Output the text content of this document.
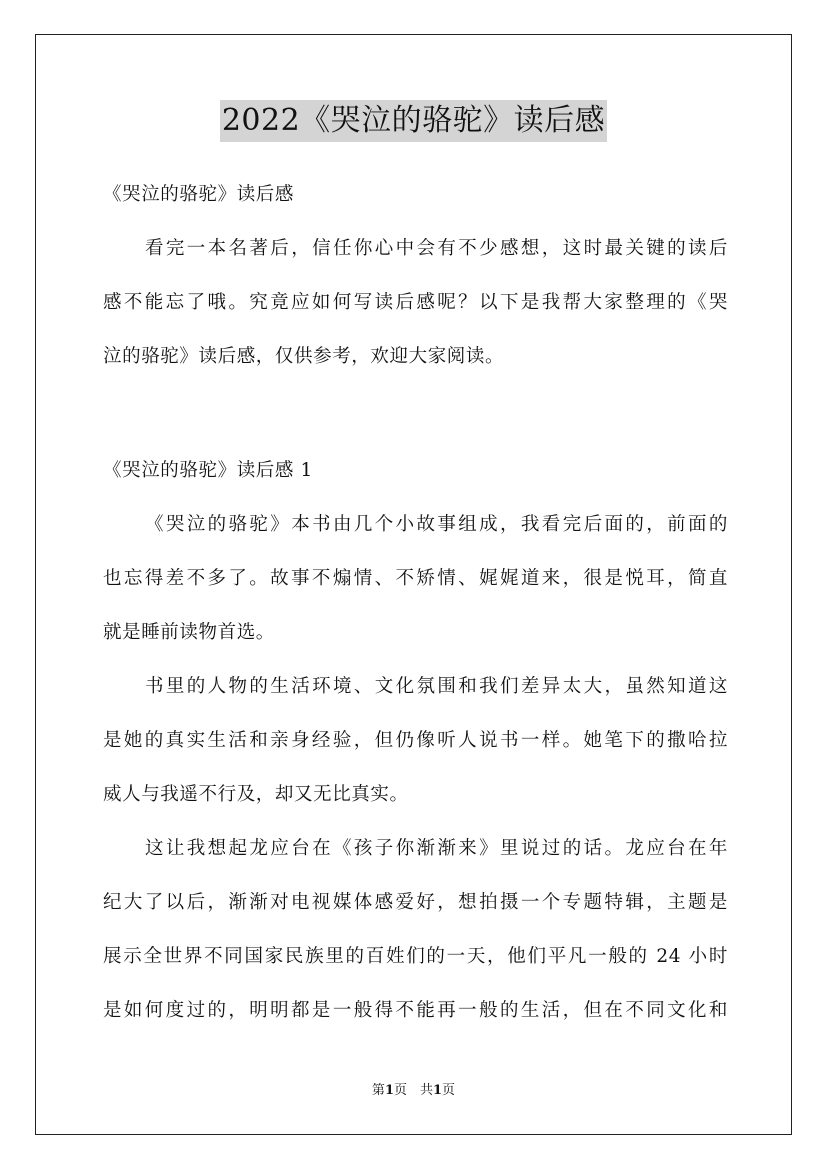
2022《哭泣的骆驼》读后感
《哭泣的骆驼》读后感
看完一本名著后，信任你心中会有不少感想，这时最关键的读后
感不能忘了哦。究竟应如何写读后感呢？以下是我帮大家整理的《哭
泣的骆驼》读后感，仅供参考，欢迎大家阅读。
《哭泣的骆驼》读后感 1
《哭泣的骆驼》本书由几个小故事组成，我看完后面的，前面的
也忘得差不多了。故事不煽情、不矫情、娓娓道来，很是悦耳，简直
就是睡前读物首选。
书里的人物的生活环境、文化氛围和我们差异太大，虽然知道这
是她的真实生活和亲身经验，但仍像听人说书一样。她笔下的撒哈拉
威人与我遥不行及，却又无比真实。
这让我想起龙应台在《孩子你渐渐来》里说过的话。龙应台在年
纪大了以后，渐渐对电视媒体感爱好，想拍摄一个专题特辑，主题是
展示全世界不同国家民族里的百姓们的一天，他们平凡一般的 24 小时
是如何度过的，明明都是一般得不能再一般的生活，但在不同文化和
第1页　共1页
